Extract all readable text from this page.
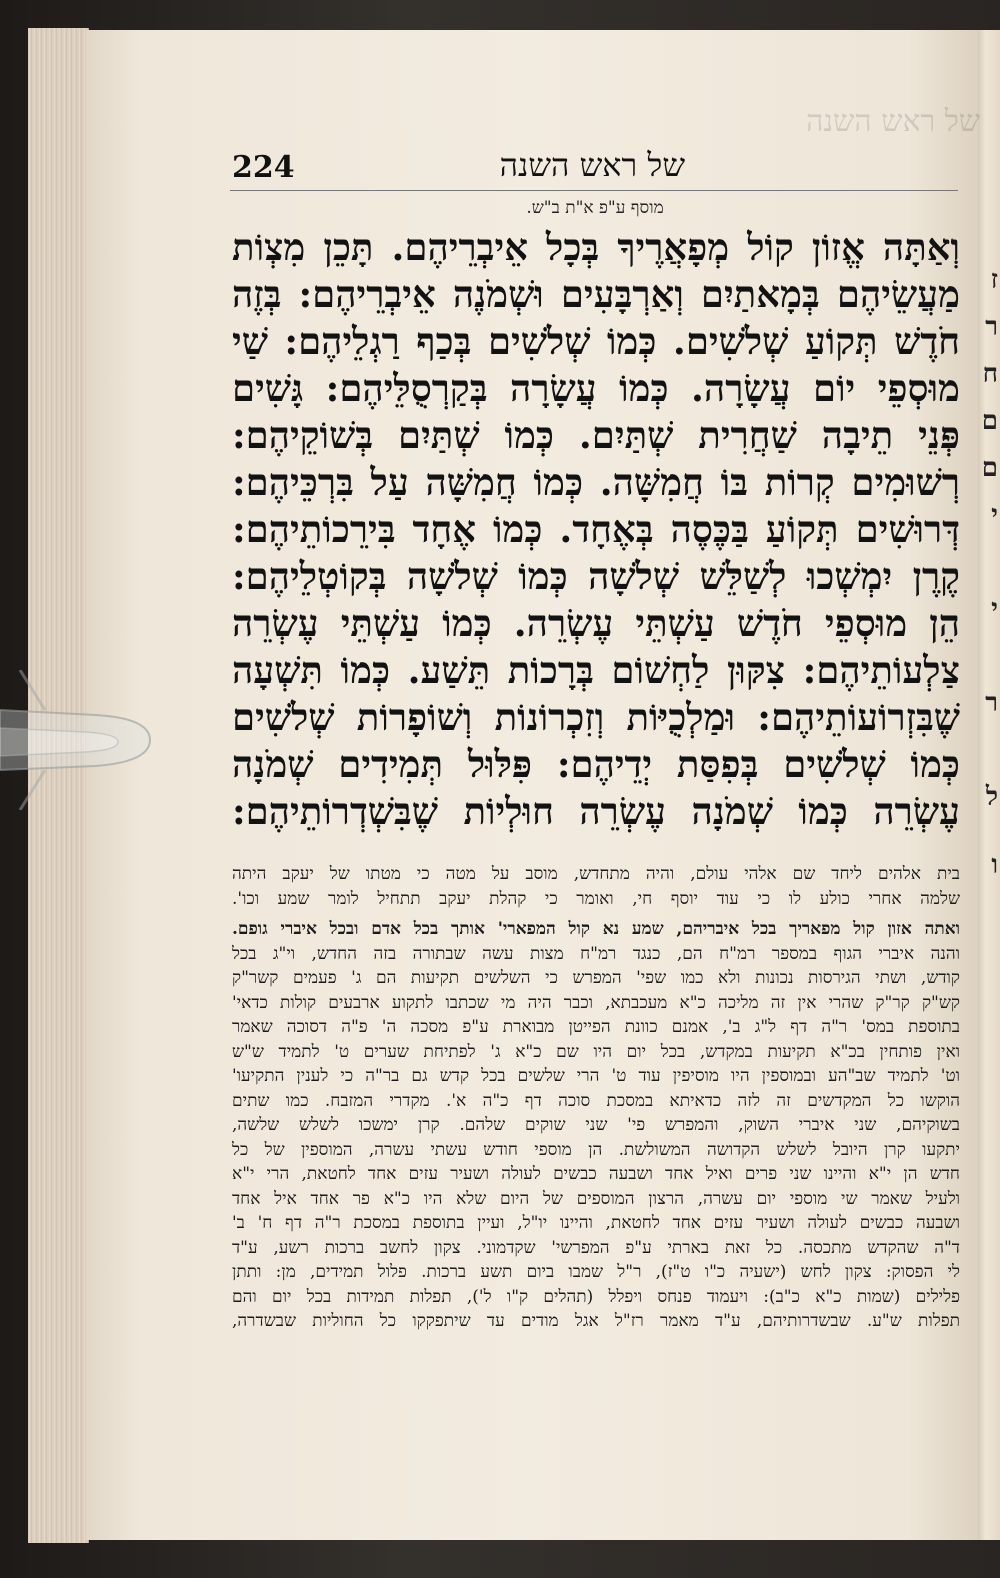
ז
ר
ח
ם
ם
י
י
ר
ל
ו
של ראש השנה
224	של ראש השנה
מוסף ע"פ א"ת ב"ש.
וְאַתָּה אֱזוֹן קוֹל מְפָאֲרֶיךָ בְּכָל אֵיבְרֵיהֶם. תָּכֵן מִצְוֹת
מַעֲשֵׂיהֶם בְּמָאתַיִם וְאַרְבָּעִים וּשְׁמֹנֶה אֵיבְרֵיהֶם: בְּזֶה
חֹדֶשׁ תְּקוֹעַ שְׁלֹשִׁים. כְּמוֹ שְׁלֹשִׁים בְּכַף רַגְלֵיהֶם: שַׁי
מוּסְפֵי יוֹם עֲשָׂרָה. כְּמוֹ עֲשָׂרָה בְּקַרְסֻלֵּיהֶם: גָּשִׁים
פְּנֵי תֵיבָה שַׁחֲרִית שְׁתַּיִם. כְּמוֹ שְׁתַּיִם בְּשׁוֹקֵיהֶם:
רְשׁוּמִים קְרוֹת בּוֹ חֲמִשָּׁה. כְּמוֹ חֲמִשָּׁה עַל בִּרְכֵּיהֶם:
דְּרוּשִׁים תְּקוֹעַ בַּכֶּסֶה בְּאֶחָד. כְּמוֹ אֶחָד בִּירֵכוֹתֵיהֶם:
קֶרֶן יִמְשְׁכוּ לְשַׁלֵּשׁ שְׁלֹשָׁה כְּמוֹ שְׁלֹשָׁה בְּקוֹטְלֵיהֶם:
הֵן מוּסְפֵי חֹדֶשׁ עַשְׁתֵּי עֶשְׂרֵה. כְּמוֹ עַשְׁתֵּי עֶשְׂרֵה
צַלְעוֹתֵיהֶם: צִקּוּן לַחְשׁוֹם בְּרָכוֹת תֵּשַׁע. כְּמוֹ תִּשְׁעָה
שֶׁבִּזְרוֹעוֹתֵיהֶם: וּמַלְכֻיּוֹת וְזִכְרוֹנוֹת וְשׁוֹפָרוֹת שְׁלֹשִׁים
כְּמוֹ שְׁלֹשִׁים בְּפִסַּת יְדֵיהֶם: פִּלּוּל תְּמִידִים שְׁמֹנָה
עֶשְׂרֵה כְּמוֹ שְׁמֹנָה עֶשְׂרֵה חוּלְיוֹת שֶׁבִּשְׁדְרוֹתֵיהֶם:
בית אלהים ליחד שם אלהי עולם, והיה מתחדש, מוסב על מטה כי מטתו של יעקב היתה
שלמה אחרי כולע לו כי עוד יוסף חי, ואומר כי קהלת יעקב תתחיל לומר שמע וכו'.
ואתה אזון קול מפאריך בכל איבריהם, שמע נא קול המפארי' אותך בכל אדם ובכל איברי גופם.
והנה איברי הגוף במספר רמ"ח הם, כנגד רמ"ח מצות עשה שבתורה בזה החדש, וי"ג בכל
קודש, ושתי הגירסות נכונות ולא כמו שפי' המפרש כי השלשים תקיעות הם ג' פעמים קשר"ק
קש"ק קר"ק שהרי אין זה מליכה כ"א מעכבתא, וכבר היה מי שכתבו לתקוע ארבעים קולות כדאי'
בתוספת במס' ר"ה דף ל"ג ב', אמנם כוונת הפייטן מבוארת ע"פ מסכה ה' פ"ה דסוכה שאמר
ואין פותחין בכ"א תקיעות במקדש, בכל יום היו שם כ"א ג' לפתיחת שערים ט' לתמיד ש"ש
וט' לתמיד שב"הע ובמוספין היו מוסיפין עוד ט' הרי שלשים בכל קדש גם בר"ה כי לענין התקיעו'
הוקשו כל המקדשים זה לזה כדאיתא במסכת סוכה דף כ"ה א'. מקדרי המזבח. כמו שתים
בשוקיהם, שני איברי השוק, והמפרש פי' שני שוקים שלהם. קרן ימשכו לשלש שלשה,
יתקעו קרן היובל לשלש הקדושה המשולשת. הן מוספי חודש עשתי עשרה, המוספין של כל
חדש הן י"א והיינו שני פרים ואיל אחד ושבעה כבשים לעולה ושעיר עזים אחד לחטאת, הרי י"א
ולעיל שאמר שי מוספי יום עשרה, הרצון המוספים של היום שלא היו כ"א פר אחד איל אחד
ושבעה כבשים לעולה ושעיר עזים אחד לחטאת, והיינו יו"ל, ועיין בתוספת במסכת ר"ה דף ח' ב'
ד"ה שהקדש מתכסה. כל זאת בארתי ע"פ המפרשי' שקדמוני. צקון לחשב ברכות רשע, ע"ד
לי הפסוק: צקון לחש (ישעיה כ"ו ט"ז), ר"ל שמבו ביום תשע ברכות. פלול תמידים, מן: ותתן
פלילים (שמות כ"א כ"ב): ויעמוד פנחס ויפלל (תהלים ק"ו ל'), תפלות תמידות בכל יום והם
תפלות ש"ע. שבשדרותיהם, ע"ד מאמר רז"ל אגל מודים עד שיתפקקו כל החוליות שבשדרה,
